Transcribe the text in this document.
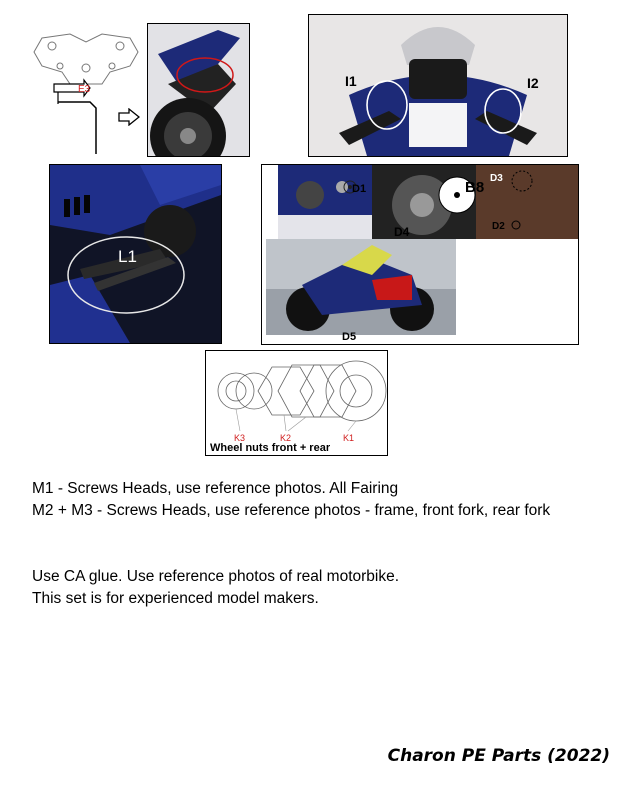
E3
I1	I2
L1
D1
D4
B8
D3
D2
D5
K3	K2	K1
Wheel nuts front + rear
M1 - Screws Heads, use reference photos. All Fairing
M2 + M3 - Screws Heads, use reference photos - frame, front fork, rear fork
Use CA glue. Use reference photos of real motorbike.
This set is for experienced model makers.
Charon PE Parts (2022)
